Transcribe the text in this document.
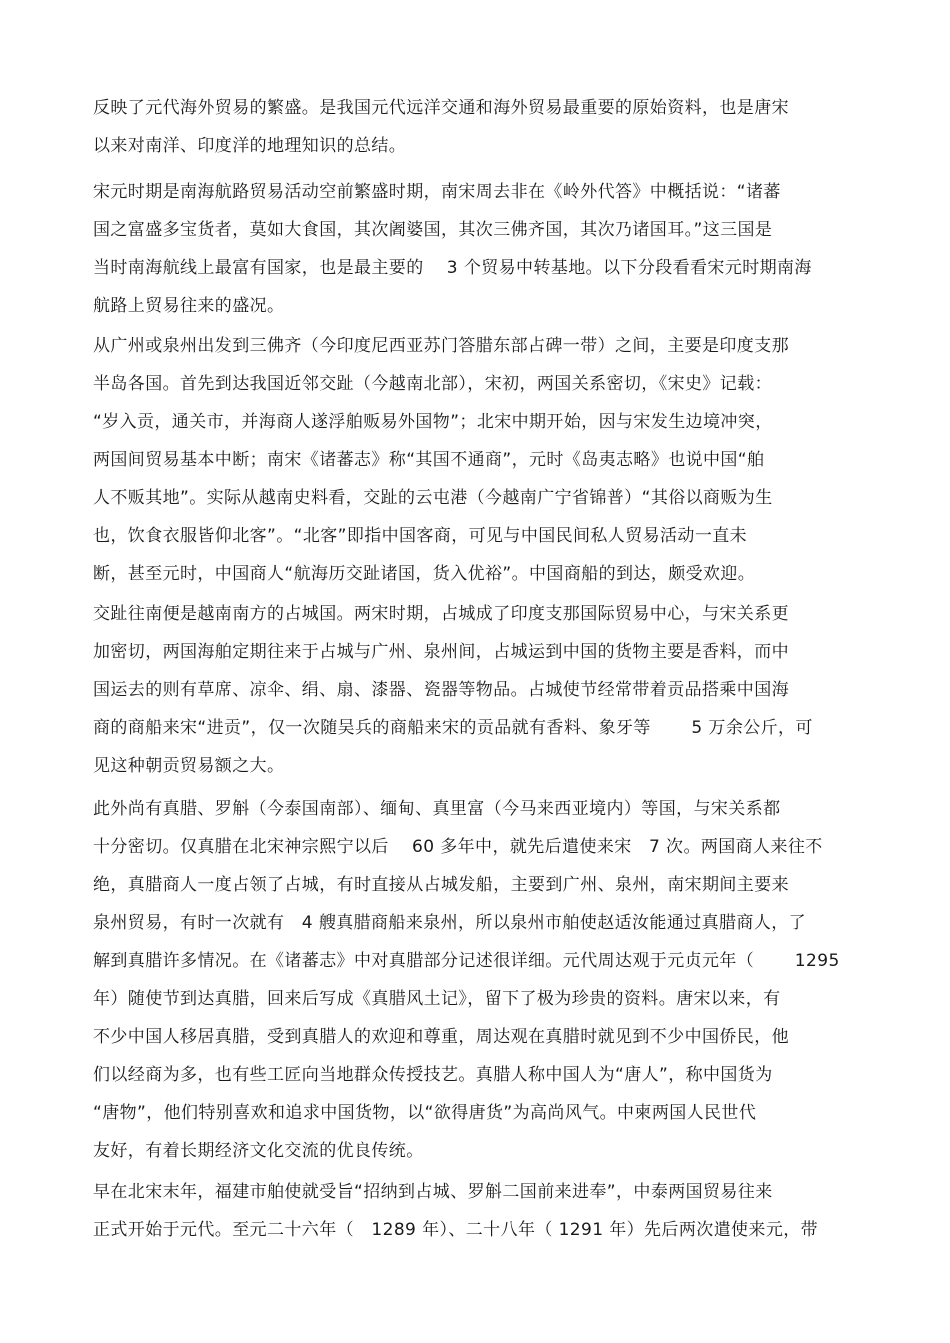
反映了元代海外贸易的繁盛。是我国元代远洋交通和海外贸易最重要的原始资料，也是唐宋
以来对南洋、印度洋的地理知识的总结。
宋元时期是南海航路贸易活动空前繁盛时期，南宋周去非在《岭外代答》中概括说：“诸蕃
国之富盛多宝货者，莫如大食国，其次阇婆国，其次三佛齐国，其次乃诸国耳。”这三国是
当时南海航线上最富有国家，也是最主要的　 3 个贸易中转基地。以下分段看看宋元时期南海
航路上贸易往来的盛况。
从广州或泉州出发到三佛齐（今印度尼西亚苏门答腊东部占碑一带）之间，主要是印度支那
半岛各国。首先到达我国近邻交趾（今越南北部），宋初，两国关系密切，《宋史》记载：
“岁入贡，通关市，并海商人遂浮舶贩易外国物”；北宋中期开始，因与宋发生边境冲突，
两国间贸易基本中断；南宋《诸蕃志》称“其国不通商”，元时《岛夷志略》也说中国“舶
人不贩其地”。实际从越南史料看，交趾的云屯港（今越南广宁省锦普）“其俗以商贩为生
也，饮食衣服皆仰北客”。“北客”即指中国客商，可见与中国民间私人贸易活动一直未
断，甚至元时，中国商人“航海历交趾诸国，货入优裕”。中国商船的到达，颇受欢迎。
交趾往南便是越南南方的占城国。两宋时期，占城成了印度支那国际贸易中心，与宋关系更
加密切，两国海舶定期往来于占城与广州、泉州间，占城运到中国的货物主要是香料，而中
国运去的则有草席、凉伞、绢、扇、漆器、瓷器等物品。占城使节经常带着贡品搭乘中国海
商的商船来宋“进贡”，仅一次随吴兵的商船来宋的贡品就有香料、象牙等　　 5 万余公斤，可
见这种朝贡贸易额之大。
此外尚有真腊、罗斛（今泰国南部）、缅甸、真里富（今马来西亚境内）等国，与宋关系都
十分密切。仅真腊在北宋神宗熙宁以后　 60 多年中，就先后遣使来宋　7 次。两国商人来往不
绝，真腊商人一度占领了占城，有时直接从占城发船，主要到广州、泉州，南宋期间主要来
泉州贸易，有时一次就有　4 艘真腊商船来泉州，所以泉州市舶使赵适汝能通过真腊商人，了
解到真腊许多情况。在《诸蕃志》中对真腊部分记述很详细。元代周达观于元贞元年（　　 1295
年）随使节到达真腊，回来后写成《真腊风土记》，留下了极为珍贵的资料。唐宋以来，有
不少中国人移居真腊，受到真腊人的欢迎和尊重，周达观在真腊时就见到不少中国侨民，他
们以经商为多，也有些工匠向当地群众传授技艺。真腊人称中国人为“唐人”，称中国货为
“唐物”，他们特别喜欢和追求中国货物，以“欲得唐货”为高尚风气。中柬两国人民世代
友好，有着长期经济文化交流的优良传统。
早在北宋末年，福建市舶使就受旨“招纳到占城、罗斛二国前来进奉”，中泰两国贸易往来
正式开始于元代。至元二十六年（　1289 年）、二十八年（ 1291 年）先后两次遣使来元，带
